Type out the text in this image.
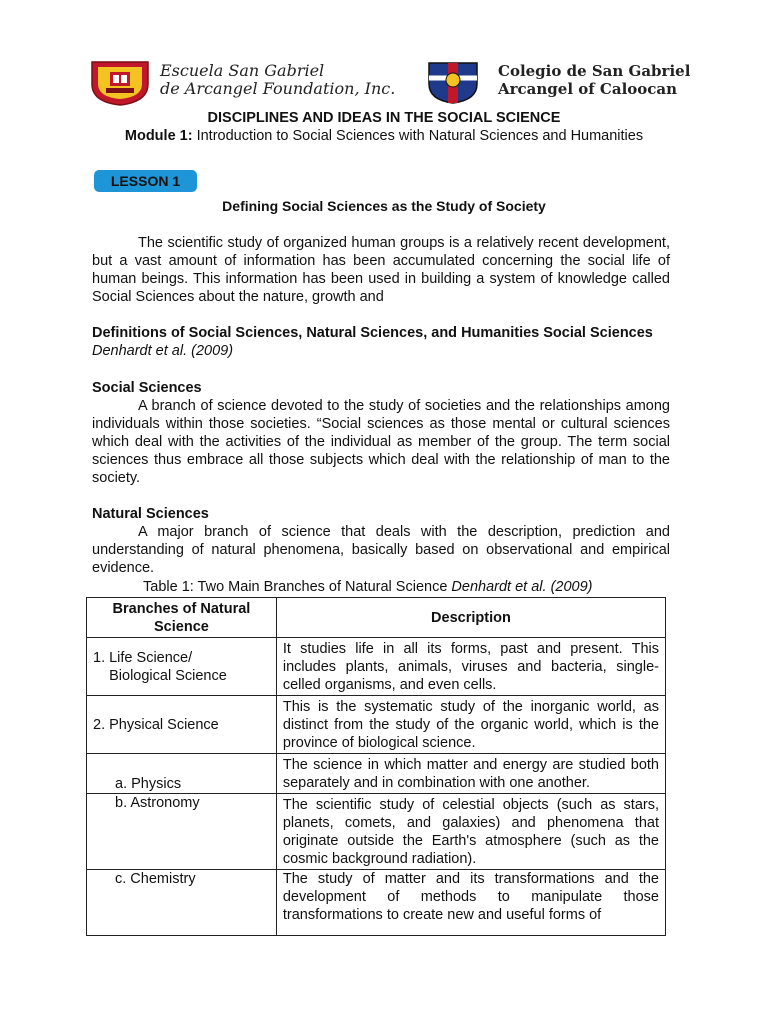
Escuela San Gabriel
de Arcangel Foundation, Inc.
Colegio de San Gabriel
Arcangel of Caloocan
DISCIPLINES AND IDEAS IN THE SOCIAL SCIENCE
Module 1: Introduction to Social Sciences with Natural Sciences and Humanities
LESSON 1
Defining Social Sciences as the Study of Society
The scientific study of organized human groups is a relatively recent development, but a vast amount of information has been accumulated concerning the social life of human beings. This information has been used in building a system of knowledge called Social Sciences about the nature, growth and
Definitions of Social Sciences, Natural Sciences, and Humanities Social Sciences Denhardt et al. (2009)
Social Sciences
A branch of science devoted to the study of societies and the relationships among individuals within those societies. “Social sciences as those mental or cultural sciences which deal with the activities of the individual as member of the group. The term social sciences thus embrace all those subjects which deal with the relationship of man to the society.
Natural Sciences
A major branch of science that deals with the description, prediction and understanding of natural phenomena, basically based on observational and empirical evidence.
Table 1: Two Main Branches of Natural Science Denhardt et al. (2009)
Branches of Natural Science	Description
1. Life Science/
Biological Science	It studies life in all its forms, past and present. This includes plants, animals, viruses and bacteria, single-celled organisms, and even cells.
2. Physical Science	This is the systematic study of the inorganic world, as distinct from the study of the organic world, which is the province of biological science.
a. Physics	The science in which matter and energy are studied both separately and in combination with one another.
b. Astronomy	The scientific study of celestial objects (such as stars, planets, comets, and galaxies) and phenomena that originate outside the Earth's atmosphere (such as the cosmic background radiation).
c. Chemistry	The study of matter and its transformations and the development of methods to manipulate those transformations to create new and useful forms of
